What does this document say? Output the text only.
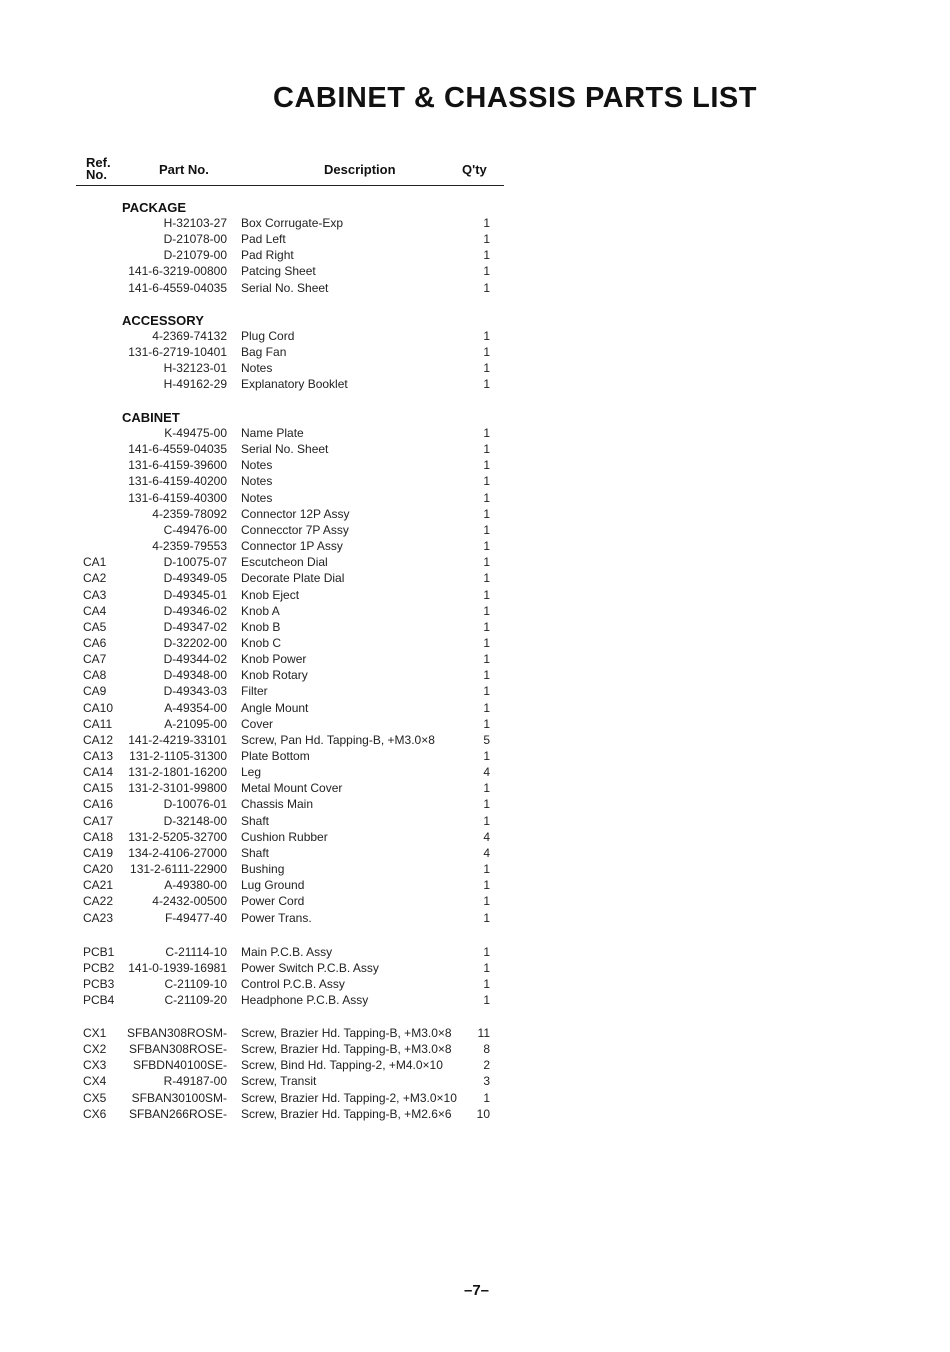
CABINET & CHASSIS PARTS LIST
Ref.
No.	Part No.	Description	Q'ty
PACKAGE
H-32103-27 Box Corrugate-Exp	1
D-21078-00 Pad Left	1
D-21079-00 Pad Right	1
141-6-3219-00800 Patcing Sheet	1
141-6-4559-04035 Serial No. Sheet	1
ACCESSORY
4-2369-74132 Plug Cord	1
131-6-2719-10401 Bag Fan	1
H-32123-01 Notes	1
H-49162-29 Explanatory Booklet	1
CABINET
K-49475-00 Name Plate	1
141-6-4559-04035 Serial No. Sheet	1
131-6-4159-39600 Notes	1
131-6-4159-40200 Notes	1
131-6-4159-40300 Notes	1
4-2359-78092 Connector 12P Assy	1
C-49476-00 Connecctor 7P Assy	1
4-2359-79553 Connector 1P Assy	1
CA1	D-10075-07 Escutcheon Dial	1
CA2	D-49349-05 Decorate Plate Dial	1
CA3	D-49345-01 Knob Eject	1
CA4	D-49346-02 Knob A	1
CA5	D-49347-02 Knob B	1
CA6	D-32202-00 Knob C	1
CA7	D-49344-02 Knob Power	1
CA8	D-49348-00 Knob Rotary	1
CA9	D-49343-03 Filter	1
CA10	A-49354-00 Angle Mount	1
CA11	A-21095-00 Cover	1
CA12	141-2-4219-33101 Screw, Pan Hd. Tapping-B, +M3.0×8	5
CA13	131-2-1105-31300 Plate Bottom	1
CA14	131-2-1801-16200 Leg	4
CA15	131-2-3101-99800 Metal Mount Cover	1
CA16	D-10076-01 Chassis Main	1
CA17	D-32148-00 Shaft	1
CA18	131-2-5205-32700 Cushion Rubber	4
CA19	134-2-4106-27000 Shaft	4
CA20	131-2-6111-22900 Bushing	1
CA21	A-49380-00 Lug Ground	1
CA22	4-2432-00500 Power Cord	1
CA23	F-49477-40 Power Trans.	1
PCB1	C-21114-10 Main P.C.B. Assy	1
PCB2	141-0-1939-16981 Power Switch P.C.B. Assy	1
PCB3	C-21109-10 Control P.C.B. Assy	1
PCB4	C-21109-20 Headphone P.C.B. Assy	1
CX1	SFBAN308ROSM- Screw, Brazier Hd. Tapping-B, +M3.0×8	11
CX2	SFBAN308ROSE- Screw, Brazier Hd. Tapping-B, +M3.0×8	8
CX3	SFBDN40100SE- Screw, Bind Hd. Tapping-2, +M4.0×10	2
CX4	R-49187-00 Screw, Transit	3
CX5	SFBAN30100SM- Screw, Brazier Hd. Tapping-2, +M3.0×10	1
CX6	SFBAN266ROSE- Screw, Brazier Hd. Tapping-B, +M2.6×6	10
–7–
